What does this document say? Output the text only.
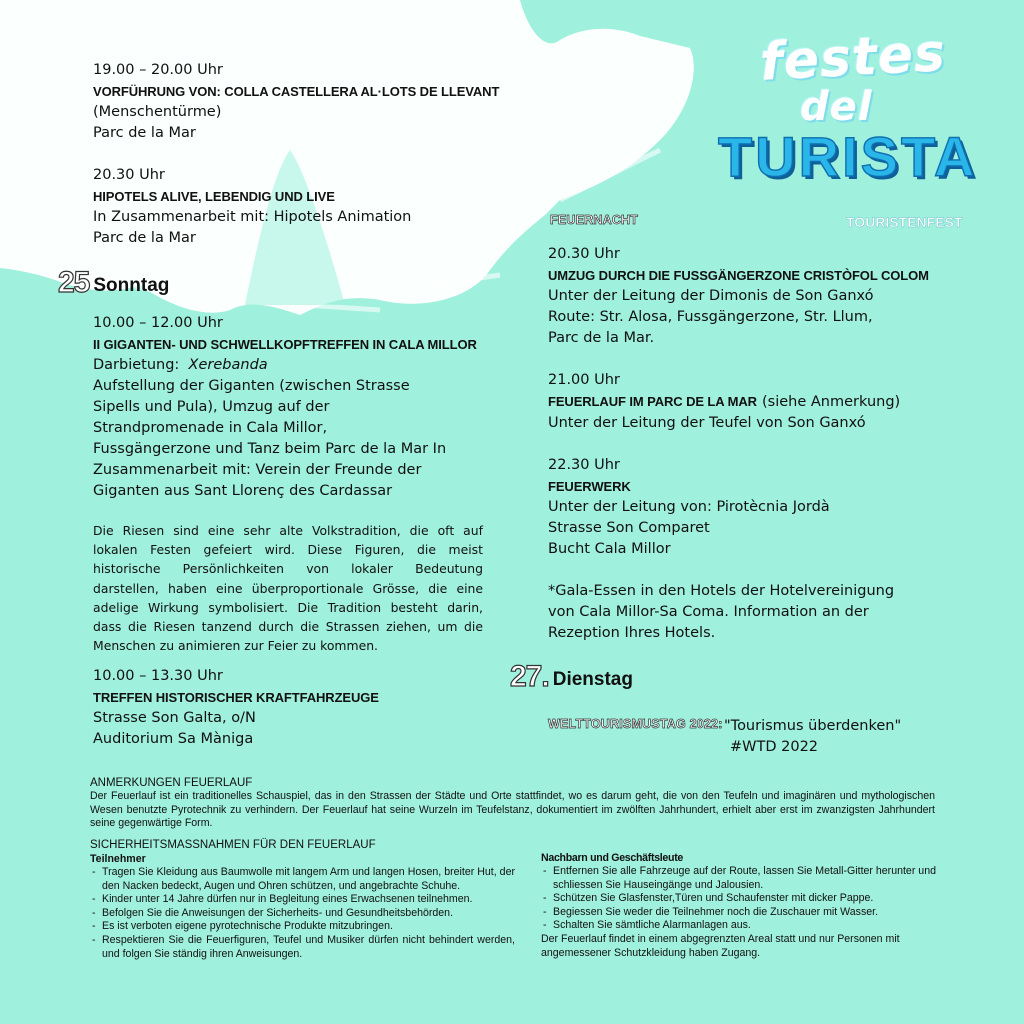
festes
del
TURISTA
TOURISTENFEST
19.00 – 20.00 Uhr
VORFÜHRUNG VON: COLLA CASTELLERA AL·LOTS DE LLEVANT
(Menschentürme)
Parc de la Mar
20.30 Uhr
HIPOTELS ALIVE, LEBENDIG UND LIVE
In Zusammenarbeit mit: Hipotels Animation
Parc de la Mar
25 Sonntag
10.00 – 12.00 Uhr
II GIGANTEN- UND SCHWELLKOPFTREFFEN IN CALA MILLOR
Darbietung: Xerebanda
Aufstellung der Giganten (zwischen Strasse
Sipells und Pula), Umzug auf der
Strandpromenade in Cala Millor,
Fussgängerzone und Tanz beim Parc de la Mar In
Zusammenarbeit mit: Verein der Freunde der
Giganten aus Sant Llorenç des Cardassar
Die Riesen sind eine sehr alte Volkstradition, die oft auf
lokalen Festen gefeiert wird. Diese Figuren, die meist
historische Persönlichkeiten von lokaler Bedeutung
darstellen, haben eine überproportionale Grösse, die eine
adelige Wirkung symbolisiert. Die Tradition besteht darin,
dass die Riesen tanzend durch die Strassen ziehen, um die
Menschen zu animieren zur Feier zu kommen.
10.00 – 13.30 Uhr
TREFFEN HISTORISCHER KRAFTFAHRZEUGE
Strasse Son Galta, o/N
Auditorium Sa Màniga
FEUERNACHT
20.30 Uhr
UMZUG DURCH DIE FUSSGÄNGERZONE CRISTÒFOL COLOM
Unter der Leitung der Dimonis de Son Ganxó
Route: Str. Alosa, Fussgängerzone, Str. Llum,
Parc de la Mar.
21.00 Uhr
FEUERLAUF IM PARC DE LA MAR (siehe Anmerkung)
Unter der Leitung der Teufel von Son Ganxó
22.30 Uhr
FEUERWERK
Unter der Leitung von: Pirotècnia Jordà
Strasse Son Comparet
Bucht Cala Millor
*Gala-Essen in den Hotels der Hotelvereinigung
von Cala Millor-Sa Coma. Information an der
Rezeption Ihres Hotels.
27. Dienstag
WELTTOURISMUSTAG 2022: "Tourismus überdenken"
#WTD 2022
ANMERKUNGEN FEUERLAUF
Der Feuerlauf ist ein traditionelles Schauspiel, das in den Strassen der Städte und Orte stattfindet, wo es darum geht, die von den Teufeln und imaginären und mythologischen Wesen benutzte Pyrotechnik zu verhindern. Der Feuerlauf hat seine Wurzeln im Teufelstanz, dokumentiert im zwölften Jahrhundert, erhielt aber erst im zwanzigsten Jahrhundert seine gegenwärtige Form.
SICHERHEITSMASSNAHMEN FÜR DEN FEUERLAUF
Teilnehmer
- Tragen Sie Kleidung aus Baumwolle mit langem Arm und langen Hosen, breiter Hut, der den Nacken bedeckt, Augen und Ohren schützen, und angebrachte Schuhe.
- Kinder unter 14 Jahre dürfen nur in Begleitung eines Erwachsenen teilnehmen.
- Befolgen Sie die Anweisungen der Sicherheits- und Gesundheitsbehörden.
- Es ist verboten eigene pyrotechnische Produkte mitzubringen.
- Respektieren Sie die Feuerfiguren, Teufel und Musiker dürfen nicht behindert werden, und folgen Sie ständig ihren Anweisungen.
Nachbarn und Geschäftsleute
- Entfernen Sie alle Fahrzeuge auf der Route, lassen Sie Metall-Gitter herunter und schliessen Sie Hauseingänge und Jalousien.
- Schützen Sie Glasfenster,Türen und Schaufenster mit dicker Pappe.
- Begiessen Sie weder die Teilnehmer noch die Zuschauer mit Wasser.
- Schalten Sie sämtliche Alarmanlagen aus.
Der Feuerlauf findet in einem abgegrenzten Areal statt und nur Personen mit angemessener Schutzkleidung haben Zugang.
